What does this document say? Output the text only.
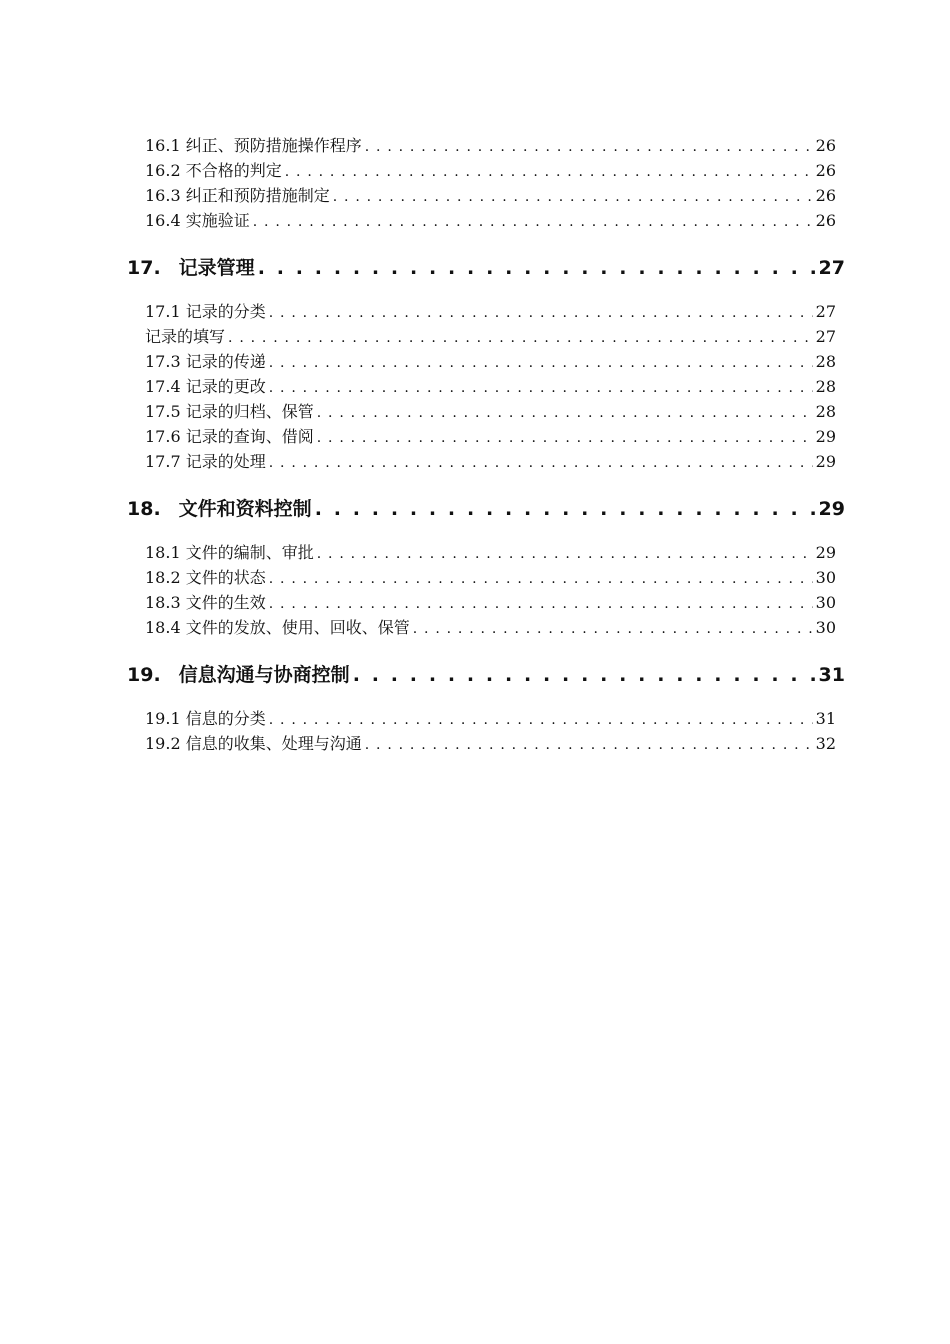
16.1 纠正、预防措施操作程序 . . .	26
16.2 不合格的判定 . . .	26
16.3 纠正和预防措施制定 . . .	26
16.4 实施验证 . . .	26
17. 记录管理 . . .	27
17.1 记录的分类 . . .	27
记录的填写 . . .	27
17.3 记录的传递 . . .	28
17.4 记录的更改 . . .	28
17.5 记录的归档、保管 . . .	28
17.6 记录的查询、借阅 . . .	29
17.7 记录的处理 . . .	29
18. 文件和资料控制 . . .	29
18.1 文件的编制、审批 . . .	29
18.2 文件的状态 . . .	30
18.3 文件的生效 . . .	30
18.4 文件的发放、使用、回收、保管 . . .	30
19. 信息沟通与协商控制 . . .	31
19.1 信息的分类 . . .	31
19.2 信息的收集、处理与沟通 . . .	32
